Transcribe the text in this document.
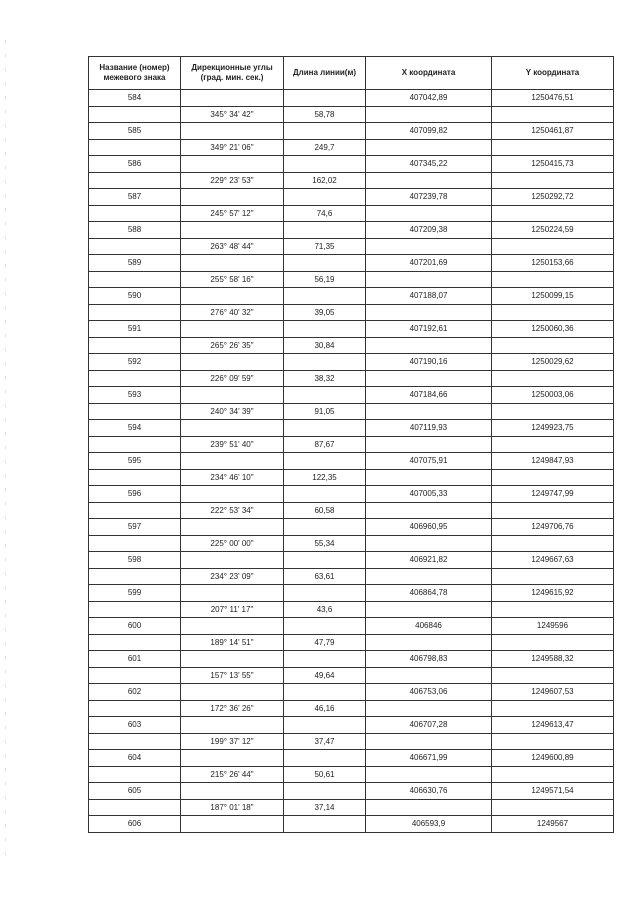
Название (номер) межевого знака	Дирекционные углы (град. мин. сек.)	Длина линии(м)	X координата	Y координата
584			407042,89	1250476,51
	345° 34' 42"	58,78		
585			407099,82	1250461,87
	349° 21' 06"	249,7		
586			407345,22	1250415,73
	229° 23' 53"	162,02		
587			407239,78	1250292,72
	245° 57' 12"	74,6		
588			407209,38	1250224,59
	263° 48' 44"	71,35		
589			407201,69	1250153,66
	255° 58' 16"	56,19		
590			407188,07	1250099,15
	276° 40' 32"	39,05		
591			407192,61	1250060,36
	265° 26' 35"	30,84		
592			407190,16	1250029,62
	226° 09' 59"	38,32		
593			407184,66	1250003,06
	240° 34' 39"	91,05		
594			407119,93	1249923,75
	239° 51' 40"	87,67		
595			407075,91	1249847,93
	234° 46' 10"	122,35		
596			407005,33	1249747,99
	222° 53' 34"	60,58		
597			406960,95	1249706,76
	225° 00' 00"	55,34		
598			406921,82	1249667,63
	234° 23' 09"	63,61		
599			406864,78	1249615,92
	207° 11' 17"	43,6		
600			406846	1249596
	189° 14' 51"	47,79		
601			406798,83	1249588,32
	157° 13' 55"	49,64		
602			406753,06	1249607,53
	172° 36' 26"	46,16		
603			406707,28	1249613,47
	199° 37' 12"	37,47		
604			406671,99	1249600,89
	215° 26' 44"	50,61		
605			406630,76	1249571,54
	187° 01' 18"	37,14		
606			406593,9	1249567
